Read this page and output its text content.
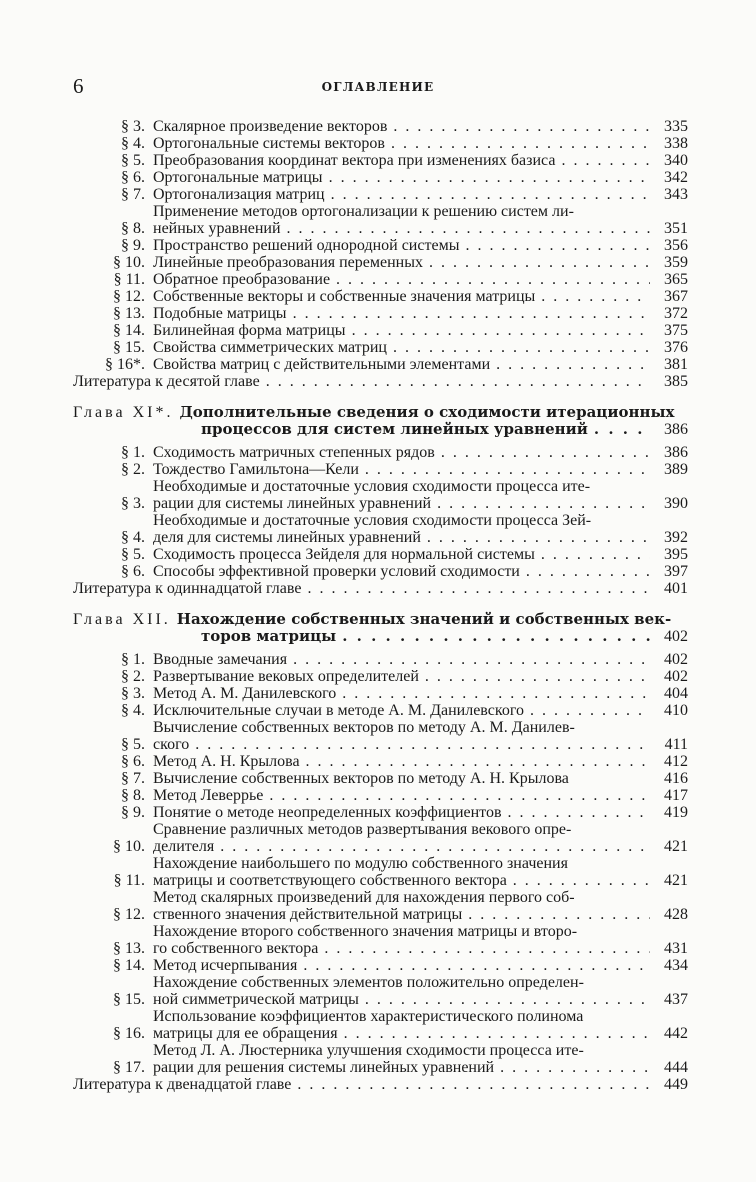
6	ОГЛАВЛЕНИЕ
§ 3. Скалярное произведение векторов . . .	335
§ 4. Ортогональные системы векторов . . .	338
§ 5. Преобразования координат вектора при изменениях базиса . . .	340
§ 6. Ортогональные матрицы . . .	342
§ 7. Ортогонализация матриц . . .	343
§ 8.
Применение методов ортогонализации к решению систем ли-
нейных уравнений . . .	351
§ 9. Пространство решений однородной системы . . .	356
§ 10. Линейные преобразования переменных . . .	359
§ 11. Обратное преобразование . . .	365
§ 12. Собственные векторы и собственные значения матрицы . . .	367
§ 13. Подобные матрицы . . .	372
§ 14. Билинейная форма матрицы . . .	375
§ 15. Свойства симметрических матриц . . .	376
§ 16*. Свойства матриц с действительными элементами . . .	381
Литература к десятой главе . . .	385
Глава XI*. Дополнительные сведения о сходимости итерационных
процессов для систем линейных уравнений . . .	386
§ 1. Сходимость матричных степенных рядов . . .	386
§ 2. Тождество Гамильтона—Кели . . .	389
§ 3.
Необходимые и достаточные условия сходимости процесса ите-
рации для системы линейных уравнений . . .	390
§ 4.
Необходимые и достаточные условия сходимости процесса Зей-
деля для системы линейных уравнений . . .	392
§ 5. Сходимость процесса Зейделя для нормальной системы . . .	395
§ 6. Способы эффективной проверки условий сходимости . . .	397
Литература к одиннадцатой главе . . .	401
Глава XII. Нахождение собственных значений и собственных век-
торов матрицы . . .	402
§ 1. Вводные замечания . . .	402
§ 2. Развертывание вековых определителей . . .	402
§ 3. Метод А. М. Данилевского . . .	404
§ 4. Исключительные случаи в методе А. М. Данилевского . . .	410
§ 5.
Вычисление собственных векторов по методу А. М. Данилев-
ского . . .	411
§ 6. Метод А. Н. Крылова . . .	412
§ 7. Вычисление собственных векторов по методу А. Н. Крылова	416
§ 8. Метод Леверрье . . .	417
§ 9. Понятие о методе неопределенных коэффициентов . . .	419
§ 10.
Сравнение различных методов развертывания векового опре-
делителя . . .	421
§ 11.
Нахождение наибольшего по модулю собственного значения
матрицы и соответствующего собственного вектора . . .	421
§ 12.
Метод скалярных произведений для нахождения первого соб-
ственного значения действительной матрицы . . .	428
§ 13.
Нахождение второго собственного значения матрицы и второ-
го собственного вектора . . .	431
§ 14. Метод исчерпывания . . .	434
§ 15.
Нахождение собственных элементов положительно определен-
ной симметрической матрицы . . .	437
§ 16.
Использование коэффициентов характеристического полинома
матрицы для ее обращения . . .	442
§ 17.
Метод Л. А. Люстерника улучшения сходимости процесса ите-
рации для решения системы линейных уравнений . . .	444
Литература к двенадцатой главе . . .	449
